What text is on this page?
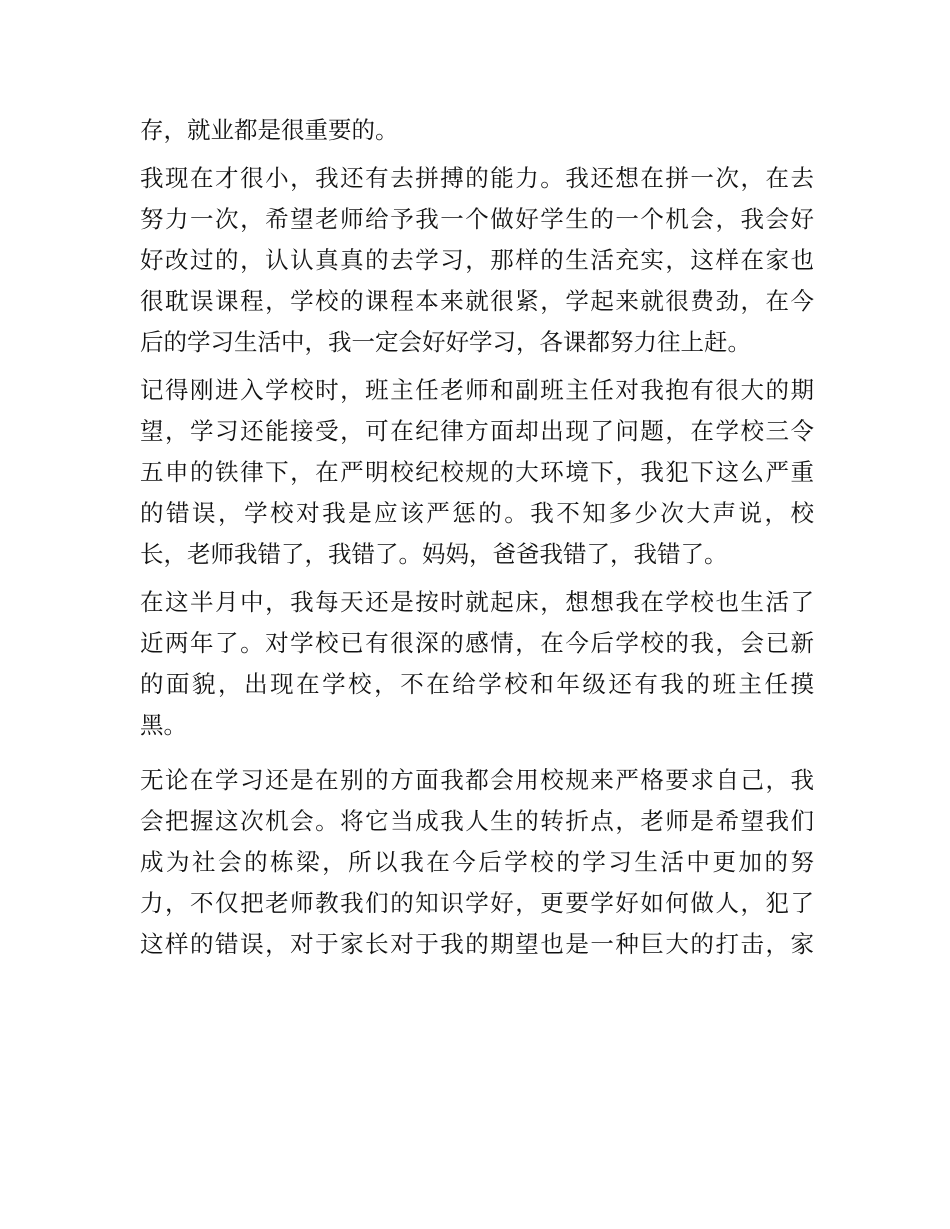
存，就业都是很重要的。
我现在才很小，我还有去拼搏的能力。我还想在拼一次，在去
努力一次，希望老师给予我一个做好学生的一个机会，我会好
好改过的，认认真真的去学习，那样的生活充实，这样在家也
很耽误课程，学校的课程本来就很紧，学起来就很费劲，在今
后的学习生活中，我一定会好好学习，各课都努力往上赶。
记得刚进入学校时，班主任老师和副班主任对我抱有很大的期
望，学习还能接受，可在纪律方面却出现了问题，在学校三令
五申的铁律下，在严明校纪校规的大环境下，我犯下这么严重
的错误，学校对我是应该严惩的。我不知多少次大声说，校
长，老师我错了，我错了。妈妈，爸爸我错了，我错了。
在这半月中，我每天还是按时就起床，想想我在学校也生活了
近两年了。对学校已有很深的感情，在今后学校的我，会已新
的面貌，出现在学校，不在给学校和年级还有我的班主任摸
黑。
无论在学习还是在别的方面我都会用校规来严格要求自己，我
会把握这次机会。将它当成我人生的转折点，老师是希望我们
成为社会的栋梁，所以我在今后学校的学习生活中更加的努
力，不仅把老师教我们的知识学好，更要学好如何做人，犯了
这样的错误，对于家长对于我的期望也是一种巨大的打击，家
